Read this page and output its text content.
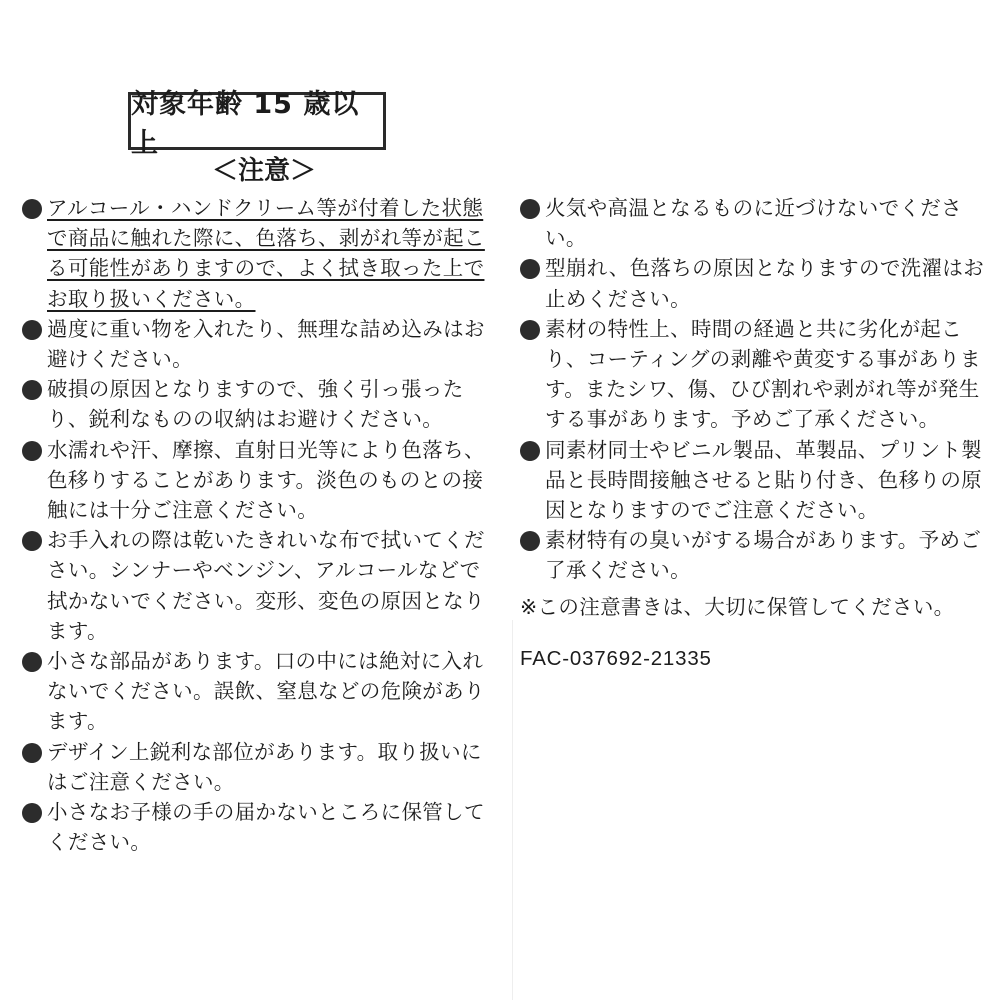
対象年齢 15 歳以上
＜注意＞

アルコール・ハンドクリーム等が付着した状態で商品に触れた際に、色落ち、剥がれ等が起こる可能性がありますので、よく拭き取った上でお取り扱いください。

過度に重い物を入れたり、無理な詰め込みはお避けください。

破損の原因となりますので、強く引っ張ったり、鋭利なものの収納はお避けください。

水濡れや汗、摩擦、直射日光等により色落ち、色移りすることがあります。淡色のものとの接触には十分ご注意ください。

お手入れの際は乾いたきれいな布で拭いてください。シンナーやベンジン、アルコールなどで拭かないでください。変形、変色の原因となります。

小さな部品があります。口の中には絶対に入れないでください。誤飲、窒息などの危険があります。

デザイン上鋭利な部位があります。取り扱いにはご注意ください。

小さなお子様の手の届かないところに保管してください。

火気や高温となるものに近づけないでください。

型崩れ、色落ちの原因となりますので洗濯はお止めください。

素材の特性上、時間の経過と共に劣化が起こり、コーティングの剥離や黄変する事があります。またシワ、傷、ひび割れや剥がれ等が発生する事があります。予めご了承ください。

同素材同士やビニル製品、革製品、プリント製品と長時間接触させると貼り付き、色移りの原因となりますのでご注意ください。

素材特有の臭いがする場合があります。予めご了承ください。

※この注意書きは、大切に保管してください。
FAC-037692-21335
